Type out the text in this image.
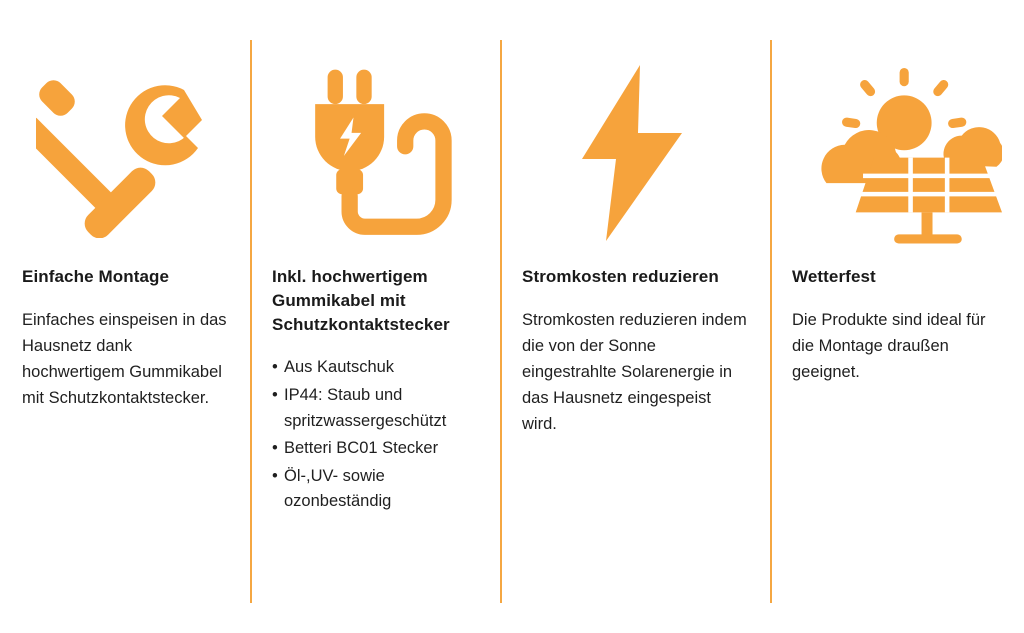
Einfache Montage

Einfaches einspeisen in das Hausnetz dank hochwertigem Gummikabel mit Schutzkontaktstecker.

Inkl. hochwertigem Gummikabel mit Schutzkontaktstecker
• Aus Kautschuk
• IP44: Staub und spritzwassergeschützt
• Betteri BC01 Stecker
• Öl-,UV- sowie ozonbeständig
Stromkosten reduzieren

Stromkosten reduzieren indem die von der Sonne eingestrahlte Solarenergie in das Hausnetz eingespeist wird.

Wetterfest

Die Produkte sind ideal für die Montage draußen geeignet.
